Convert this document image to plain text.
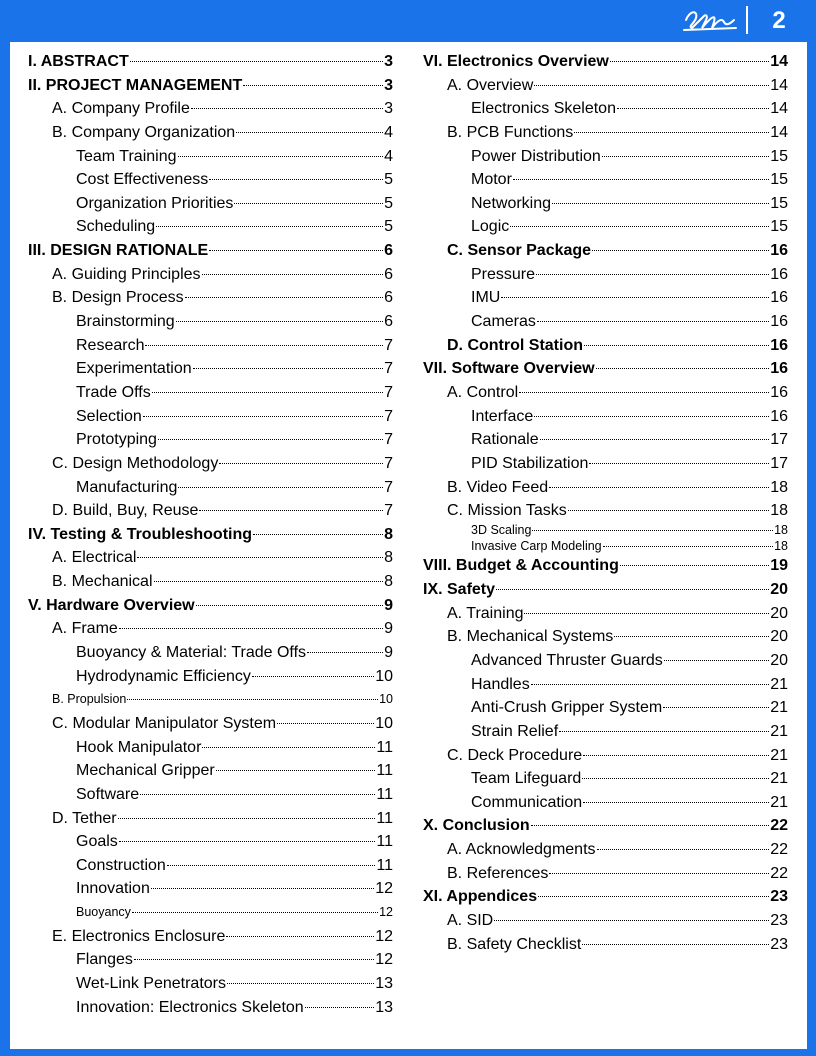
2
I. ABSTRACT	3
II. PROJECT MANAGEMENT	3
A. Company Profile	3
B. Company Organization	4
Team Training	4
Cost Effectiveness	5
Organization Priorities	5
Scheduling	5
III. DESIGN RATIONALE	6
A. Guiding Principles	6
B. Design Process	6
Brainstorming	6
Research	7
Experimentation	7
Trade Offs	7
Selection	7
Prototyping	7
C. Design Methodology	7
Manufacturing	7
D. Build, Buy, Reuse	7
IV. Testing & Troubleshooting	8
A. Electrical	8
B. Mechanical	8
V. Hardware Overview	9
A. Frame	9
Buoyancy & Material: Trade Offs	9
Hydrodynamic Efficiency	10
B. Propulsion	10
C. Modular Manipulator System	10
Hook Manipulator	11
Mechanical Gripper	11
Software	11
D. Tether	11
Goals	11
Construction	11
Innovation	12
Buoyancy	12
E. Electronics Enclosure	12
Flanges	12
Wet-Link Penetrators	13
Innovation: Electronics Skeleton	13
VI. Electronics Overview	14
A. Overview	14
Electronics Skeleton	14
B. PCB Functions	14
Power Distribution	15
Motor	15
Networking	15
Logic	15
C. Sensor Package	16
Pressure	16
IMU	16
Cameras	16
D. Control Station	16
VII. Software Overview	16
A. Control	16
Interface	16
Rationale	17
PID Stabilization	17
B. Video Feed	18
C. Mission Tasks	18
3D Scaling	18
Invasive Carp Modeling	18
VIII. Budget & Accounting	19
IX. Safety	20
A. Training	20
B. Mechanical Systems	20
Advanced Thruster Guards	20
Handles	21
Anti-Crush Gripper System	21
Strain Relief	21
C. Deck Procedure	21
Team Lifeguard	21
Communication	21
X. Conclusion	22
A. Acknowledgments	22
B. References	22
XI. Appendices	23
A. SID	23
B. Safety Checklist	23
